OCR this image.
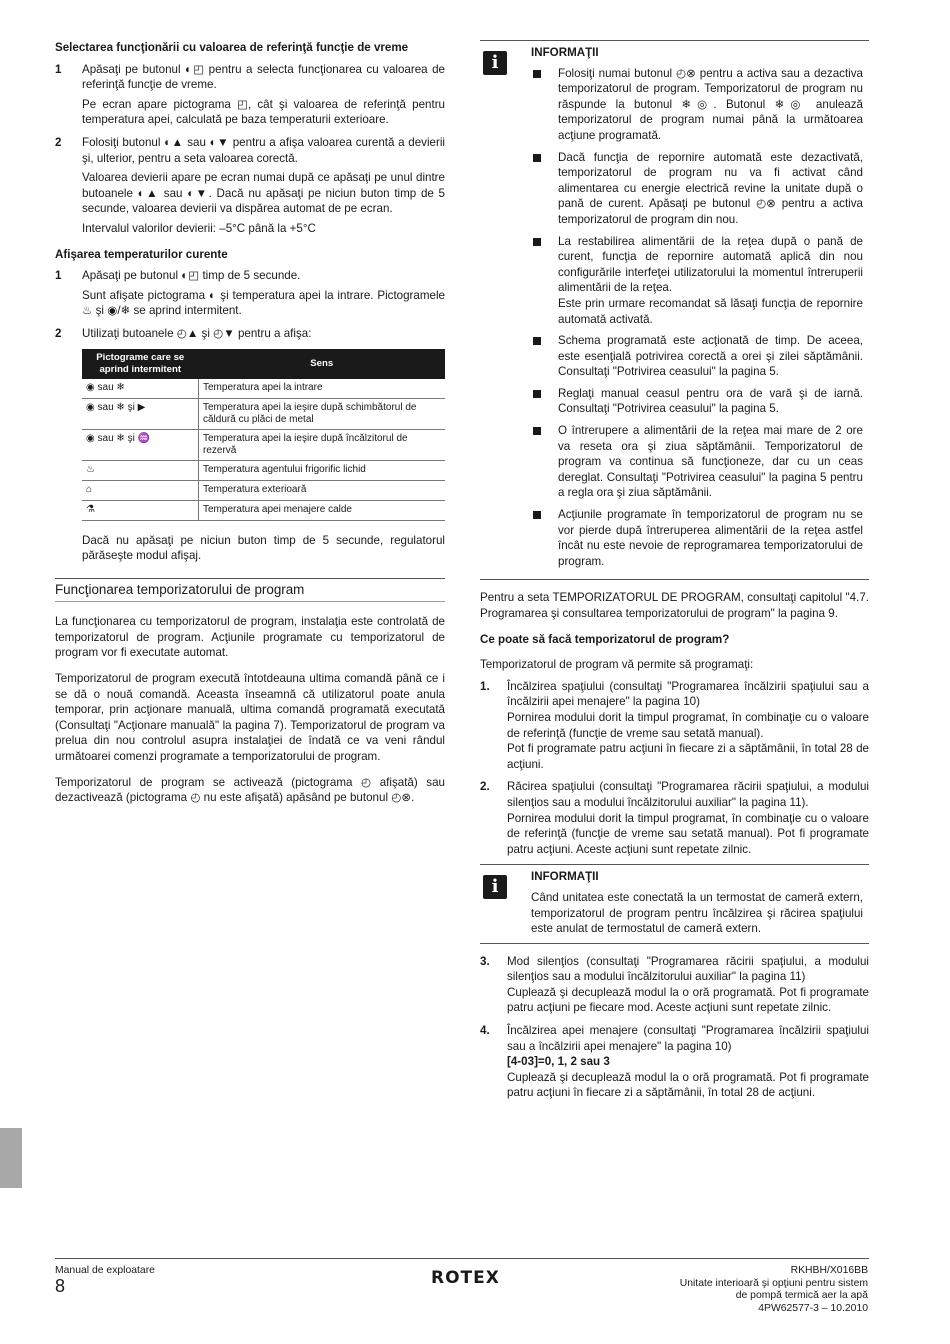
Selectarea funcţionării cu valoarea de referinţă funcţie de vreme
1 Apăsaţi pe butonul ◐◰ pentru a selecta funcţionarea cu valoarea de referinţă funcţie de vreme.

Pe ecran apare pictograma ◰, cât şi valoarea de referinţă pentru temperatura apei, calculată pe baza temperaturii exterioare.

2 Folosiţi butonul ◐▲ sau ◐▼ pentru a afişa valoarea curentă a devierii şi, ulterior, pentru a seta valoarea corectă.

Valoarea devierii apare pe ecran numai după ce apăsaţi pe unul dintre butoanele ◐▲ sau ◐▼. Dacă nu apăsaţi pe niciun buton timp de 5 secunde, valoarea devierii va dispărea automat de pe ecran.

Intervalul valorilor devierii: –5°C până la +5°C

Afişarea temperaturilor curente
1 Apăsaţi pe butonul ◐◰ timp de 5 secunde.

Sunt afişate pictograma ◐ şi temperatura apei la intrare. Pictogramele ♨ şi ◉/❄ se aprind intermitent.

2 Utilizaţi butoanele ◴▲ şi ◴▼ pentru a afişa:

Pictograme care se aprind intermitent	Sens
◉ sau ❄	Temperatura apei la intrare
◉ sau ❄ şi ▶	Temperatura apei la ieşire după schimbătorul de căldură cu plăci de metal
◉ sau ❄ şi ♒	Temperatura apei la ieşire după încălzitorul de rezervă
♨	Temperatura agentului frigorific lichid
⌂	Temperatura exterioară
⚗	Temperatura apei menajere calde

Dacă nu apăsaţi pe niciun buton timp de 5 secunde, regulatorul părăseşte modul afişaj.

Funcţionarea temporizatorului de program

La funcţionarea cu temporizatorul de program, instalaţia este controlată de temporizatorul de program. Acţiunile programate cu temporizatorul de program vor fi executate automat.

Temporizatorul de program execută întotdeauna ultima comandă până ce i se dă o nouă comandă. Aceasta înseamnă că utilizatorul poate anula temporar, prin acţionare manuală, ultima comandă programată executată (Consultaţi "Acţionare manuală" la pagina 7). Temporizatorul de program va prelua din nou controlul asupra instalaţiei de îndată ce va veni rândul următoarei comenzi programate a temporizatorului de program.

Temporizatorul de program se activează (pictograma ◴ afişată) sau dezactivează (pictograma ◴ nu este afişată) apăsând pe butonul ◴⊗.

i	INFORMAŢII
Folosiţi numai butonul ◴⊗ pentru a activa sau a dezactiva temporizatorul de program. Temporizatorul de program nu răspunde la butonul ❄◎. Butonul ❄◎ anulează temporizatorul de program numai până la următoarea acţiune programată.
Dacă funcţia de repornire automată este dezactivată, temporizatorul de program nu va fi activat când alimentarea cu energie electrică revine la unitate după o pană de curent. Apăsaţi pe butonul ◴⊗ pentru a activa temporizatorul de program din nou.
La restabilirea alimentării de la reţea după o pană de curent, funcţia de repornire automată aplică din nou configurările interfeţei utilizatorului la momentul întreruperii alimentării de la reţea.
Este prin urmare recomandat să lăsaţi funcţia de repornire automată activată.
Schema programată este acţionată de timp. De aceea, este esenţială potrivirea corectă a orei şi zilei săptămânii. Consultaţi "Potrivirea ceasului" la pagina 5.
Reglaţi manual ceasul pentru ora de vară şi de iarnă. Consultaţi "Potrivirea ceasului" la pagina 5.
O întrerupere a alimentării de la reţea mai mare de 2 ore va reseta ora şi ziua săptămânii. Temporizatorul de program va continua să funcţioneze, dar cu un ceas dereglat. Consultaţi "Potrivirea ceasului" la pagina 5 pentru a regla ora şi ziua săptămânii.
Acţiunile programate în temporizatorul de program nu se vor pierde după întreruperea alimentării de la reţea astfel încât nu este nevoie de reprogramarea temporizatorului de program.

Pentru a seta TEMPORIZATORUL DE PROGRAM, consultaţi capitolul "4.7. Programarea şi consultarea temporizatorului de program" la pagina 9.

Ce poate să facă temporizatorul de program?

Temporizatorul de program vă permite să programaţi:

1. Încălzirea spaţiului (consultaţi "Programarea încălzirii spaţiului sau a încălzirii apei menajere" la pagina 10)

Pornirea modului dorit la timpul programat, în combinaţie cu o valoare de referinţă (funcţie de vreme sau setată manual).

Pot fi programate patru acţiuni în fiecare zi a săptămânii, în total 28 de acţiuni.

2. Răcirea spaţiului (consultaţi "Programarea răcirii spaţiului, a modului silenţios sau a modului încălzitorului auxiliar" la pagina 11).

Pornirea modului dorit la timpul programat, în combinaţie cu o valoare de referinţă (funcţie de vreme sau setată manual). Pot fi programate patru acţiuni. Aceste acţiuni sunt repetate zilnic.

i	INFORMAŢII
Când unitatea este conectată la un termostat de cameră extern, temporizatorul de program pentru încălzirea şi răcirea spaţiului este anulat de termostatul de cameră extern.
3. Mod silenţios (consultaţi "Programarea răcirii spaţiului, a modului silenţios sau a modului încălzitorului auxiliar" la pagina 11)

Cuplează şi decuplează modul la o oră programată. Pot fi programate patru acţiuni pe fiecare mod. Aceste acţiuni sunt repetate zilnic.

4. Încălzirea apei menajere (consultaţi "Programarea încălzirii spaţiului sau a încălzirii apei menajere" la pagina 10)

[4-03]=0, 1, 2 sau 3

Cuplează şi decuplează modul la o oră programată. Pot fi programate patru acţiuni în fiecare zi a săptămânii, în total 28 de acţiuni.

Manual de exploatare
8	ROTEX	RKHBH/X016BB
Unitate interioară şi opţiuni pentru sistem
de pompă termică aer la apă
4PW62577-3 – 10.2010
